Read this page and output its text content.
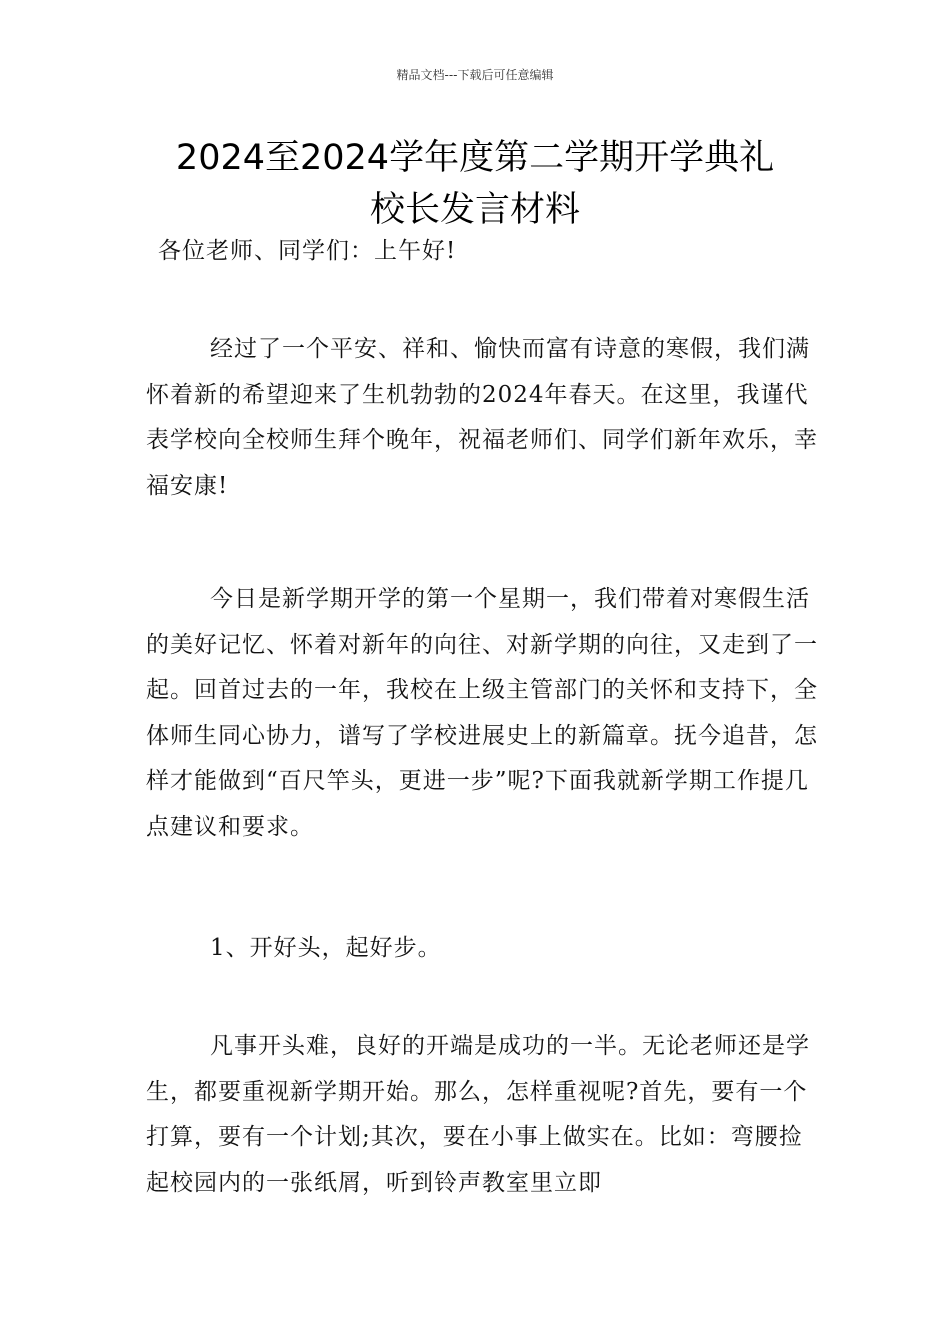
精品文档---下载后可任意编辑
2024至2024学年度第二学期开学典礼
校长发言材料
各位老师、同学们：上午好!
经过了一个平安、祥和、愉快而富有诗意的寒假，我们满怀着新的希望迎来了生机勃勃的2024年春天。在这里，我谨代表学校向全校师生拜个晚年，祝福老师们、同学们新年欢乐，幸福安康!
今日是新学期开学的第一个星期一，我们带着对寒假生活的美好记忆、怀着对新年的向往、对新学期的向往，又走到了一起。回首过去的一年，我校在上级主管部门的关怀和支持下，全体师生同心协力，谱写了学校进展史上的新篇章。抚今追昔，怎样才能做到“百尺竿头，更进一步”呢?下面我就新学期工作提几点建议和要求。
1、开好头，起好步。
凡事开头难，良好的开端是成功的一半。无论老师还是学生，都要重视新学期开始。那么，怎样重视呢?首先，要有一个打算，要有一个计划;其次，要在小事上做实在。比如：弯腰捡起校园内的一张纸屑，听到铃声教室里立即
